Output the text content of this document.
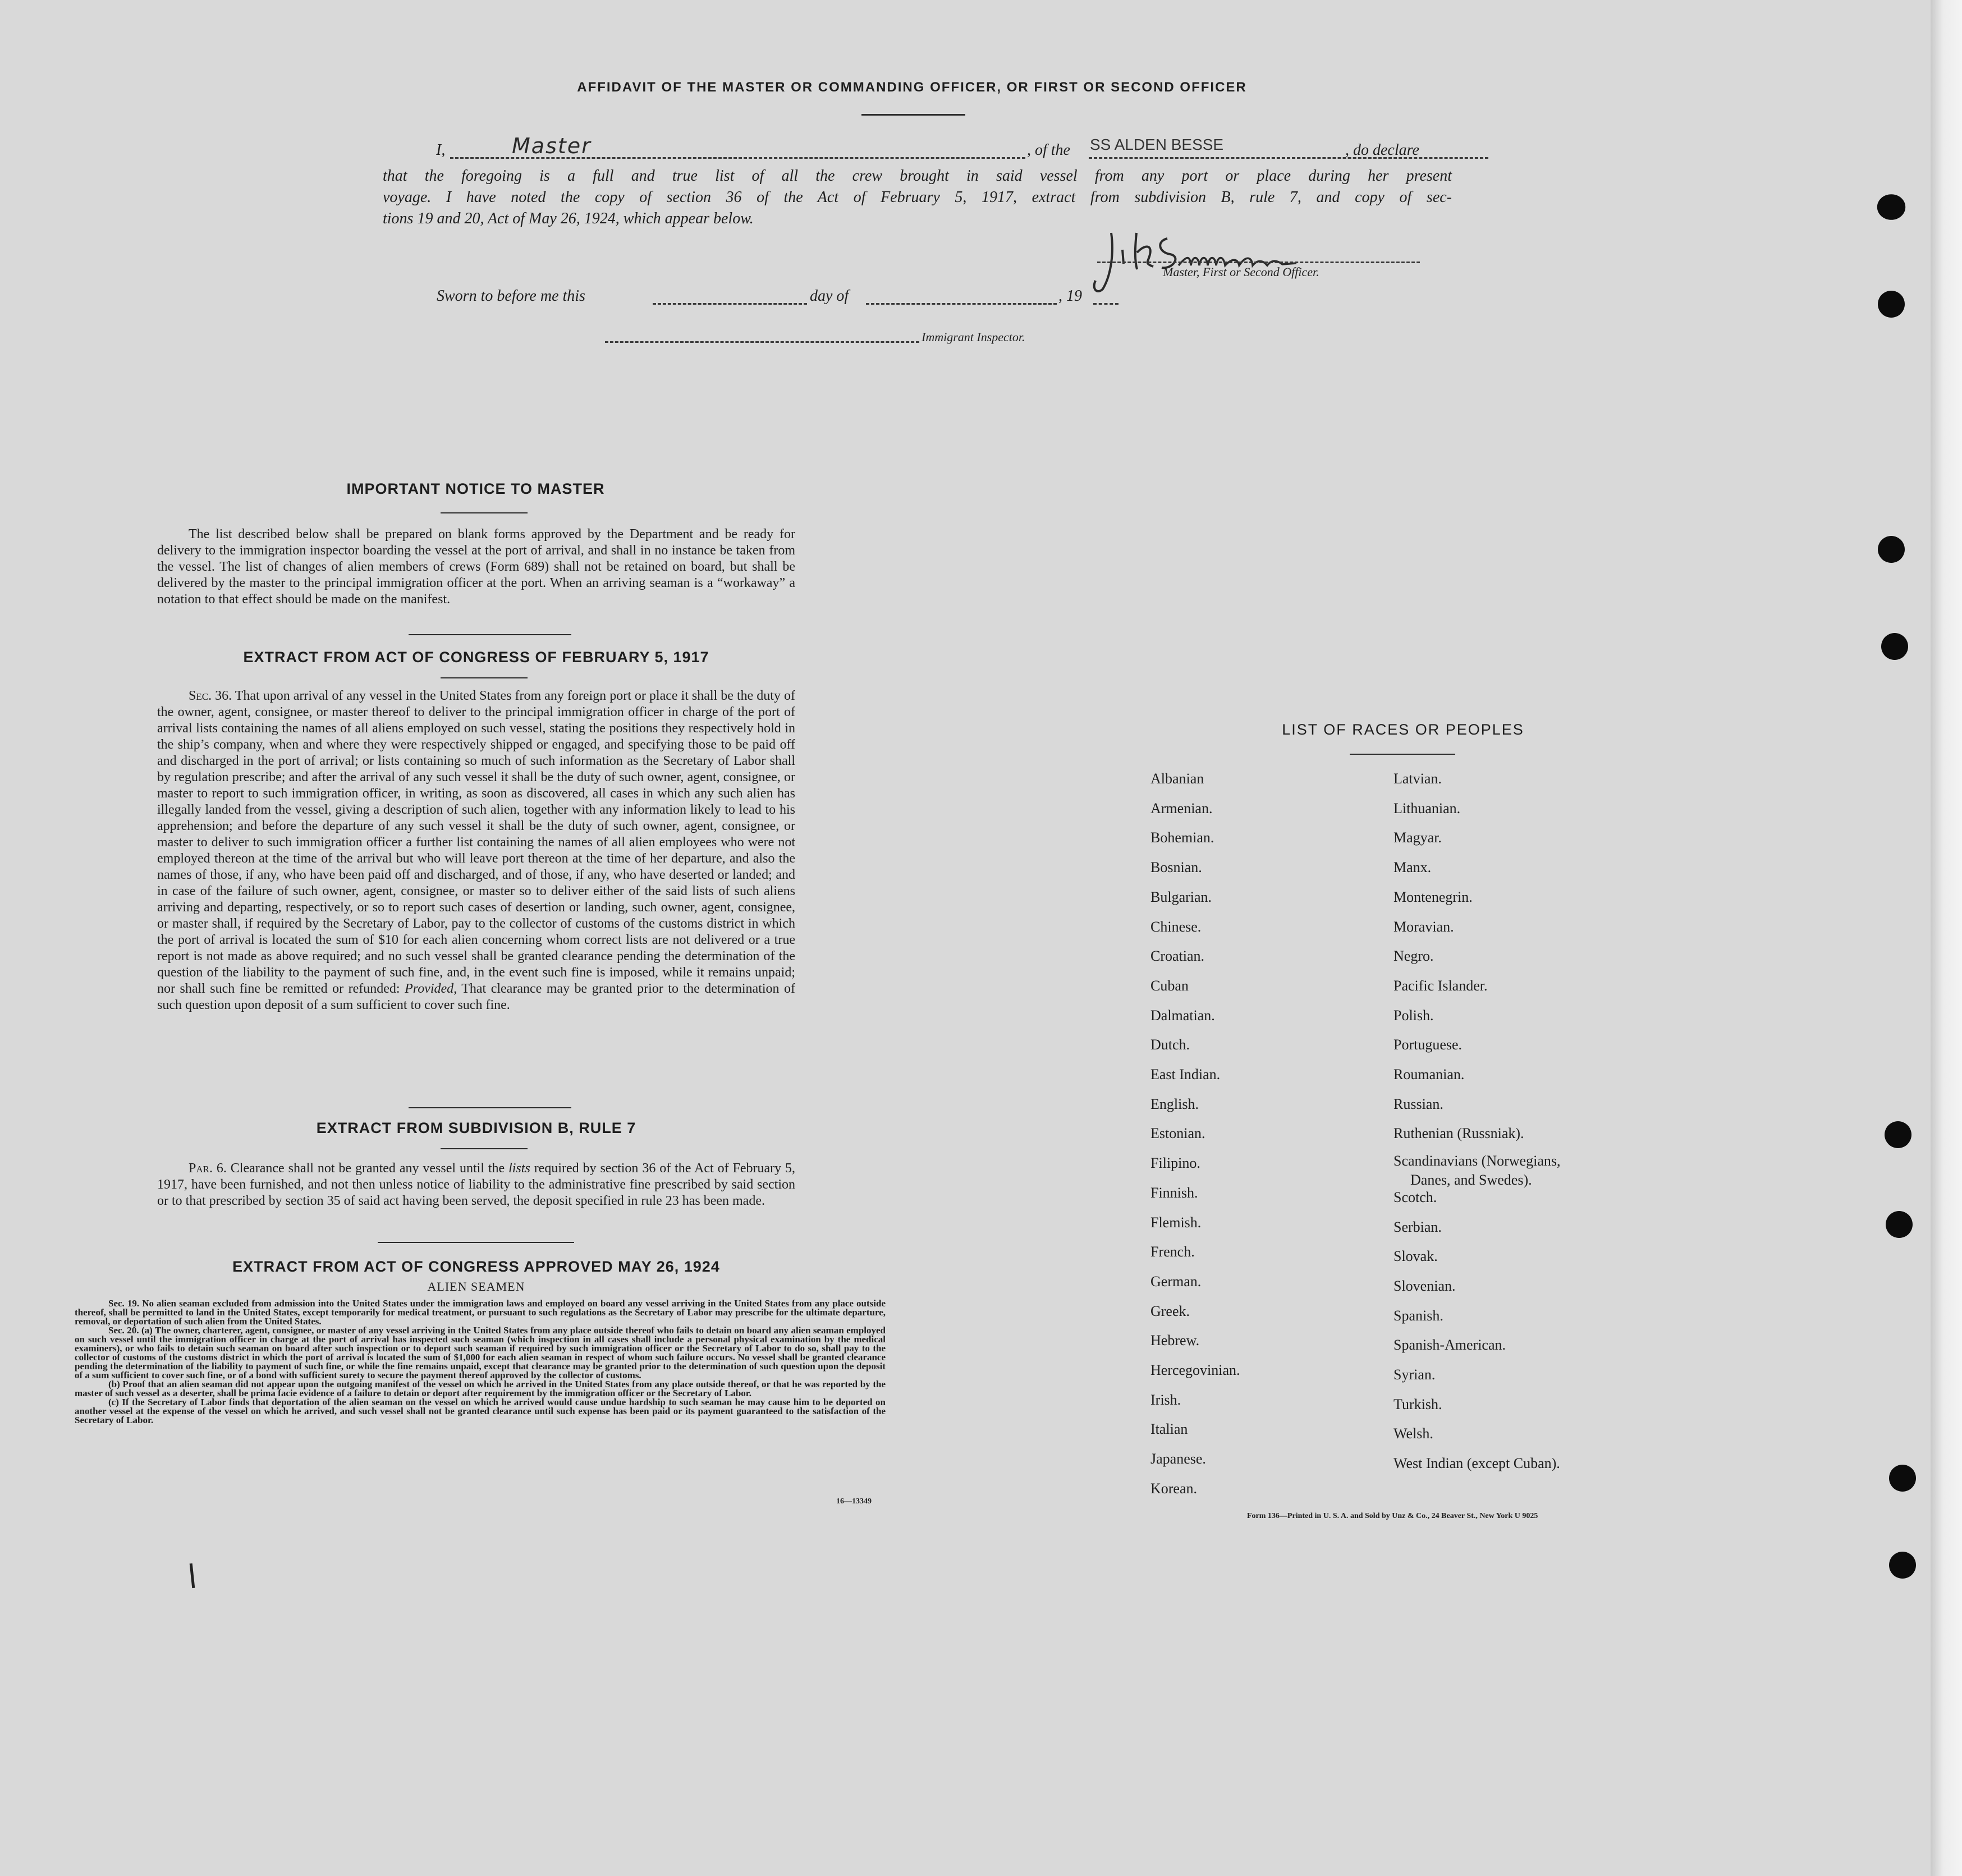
AFFIDAVIT OF THE MASTER OR COMMANDING OFFICER, OR FIRST OR SECOND OFFICER
I,	Master	, of the SS ALDEN BESSE	, do declare
that the foregoing is a full and true list of all the crew brought in said vessel from any port or place during her present
voyage. I have noted the copy of section 36 of the Act of February 5, 1917, extract from subdivision B, rule 7, and copy of sec-
tions 19 and 20, Act of May 26, 1924, which appear below.
Master, First or Second Officer.
Sworn to before me this	day of	, 19
Immigrant Inspector.
IMPORTANT NOTICE TO MASTER
The list described below shall be prepared on blank forms approved by the Department and be ready for delivery to the immigration inspector boarding the vessel at the port of arrival, and shall in no instance be taken from the vessel. The list of changes of alien members of crews (Form 689) shall not be retained on board, but shall be delivered by the master to the principal immigration officer at the port. When an arriving seaman is a “workaway” a notation to that effect should be made on the manifest.
EXTRACT FROM ACT OF CONGRESS OF FEBRUARY 5, 1917
Sec. 36. That upon arrival of any vessel in the United States from any foreign port or place it shall be the duty of the owner, agent, consignee, or master thereof to deliver to the principal immigration officer in charge of the port of arrival lists containing the names of all aliens employed on such vessel, stating the positions they respectively hold in the ship’s company, when and where they were respectively shipped or engaged, and specifying those to be paid off and discharged in the port of arrival; or lists containing so much of such information as the Secretary of Labor shall by regulation prescribe; and after the arrival of any such vessel it shall be the duty of such owner, agent, consignee, or master to report to such immigration officer, in writing, as soon as discovered, all cases in which any such alien has illegally landed from the vessel, giving a description of such alien, together with any information likely to lead to his apprehension; and before the departure of any such vessel it shall be the duty of such owner, agent, consignee, or master to deliver to such immigration officer a further list containing the names of all alien employees who were not employed thereon at the time of the arrival but who will leave port thereon at the time of her departure, and also the names of those, if any, who have been paid off and discharged, and of those, if any, who have deserted or landed; and in case of the failure of such owner, agent, consignee, or master so to deliver either of the said lists of such aliens arriving and departing, respectively, or so to report such cases of desertion or landing, such owner, agent, consignee, or master shall, if required by the Secretary of Labor, pay to the collector of customs of the customs district in which the port of arrival is located the sum of $10 for each alien concerning whom correct lists are not delivered or a true report is not made as above required; and no such vessel shall be granted clearance pending the determination of the question of the liability to the payment of such fine, and, in the event such fine is imposed, while it remains unpaid; nor shall such fine be remitted or refunded: Provided, That clearance may be granted prior to the determination of such question upon deposit of a sum sufficient to cover such fine.
EXTRACT FROM SUBDIVISION B, RULE 7
Par. 6. Clearance shall not be granted any vessel until the lists required by section 36 of the Act of February 5, 1917, have been furnished, and not then unless notice of liability to the administrative fine prescribed by said section or to that prescribed by section 35 of said act having been served, the deposit specified in rule 23 has been made.
EXTRACT FROM ACT OF CONGRESS APPROVED MAY 26, 1924
ALIEN SEAMEN
Sec. 19. No alien seaman excluded from admission into the United States under the immigration laws and employed on board any vessel arriving in the United States from any place outside thereof, shall be permitted to land in the United States, except temporarily for medical treatment, or pursuant to such regulations as the Secretary of Labor may prescribe for the ultimate departure, removal, or deportation of such alien from the United States.
Sec. 20. (a) The owner, charterer, agent, consignee, or master of any vessel arriving in the United States from any place outside thereof who fails to detain on board any alien seaman employed on such vessel until the immigration officer in charge at the port of arrival has inspected such seaman (which inspection in all cases shall include a personal physical examination by the medical examiners), or who fails to detain such seaman on board after such inspection or to deport such seaman if required by such immigration officer or the Secretary of Labor to do so, shall pay to the collector of customs of the customs district in which the port of arrival is located the sum of $1,000 for each alien seaman in respect of whom such failure occurs. No vessel shall be granted clearance pending the determination of the liability to payment of such fine, or while the fine remains unpaid, except that clearance may be granted prior to the determination of such question upon the deposit of a sum sufficient to cover such fine, or of a bond with sufficient surety to secure the payment thereof approved by the collector of customs.
(b) Proof that an alien seaman did not appear upon the outgoing manifest of the vessel on which he arrived in the United States from any place outside thereof, or that he was reported by the master of such vessel as a deserter, shall be prima facie evidence of a failure to detain or deport after requirement by the immigration officer or the Secretary of Labor.
(c) If the Secretary of Labor finds that deportation of the alien seaman on the vessel on which he arrived would cause undue hardship to such seaman he may cause him to be deported on another vessel at the expense of the vessel on which he arrived, and such vessel shall not be granted clearance until such expense has been paid or its payment guaranteed to the satisfaction of the Secretary of Labor.
16—13349
LIST OF RACES OR PEOPLES
Albanian
Armenian.
Bohemian.
Bosnian.
Bulgarian.
Chinese.
Croatian.
Cuban
Dalmatian.
Dutch.
East Indian.
English.
Estonian.
Filipino.
Finnish.
Flemish.
French.
German.
Greek.
Hebrew.
Hercegovinian.
Irish.
Italian
Japanese.
Korean.
Latvian.
Lithuanian.
Magyar.
Manx.
Montenegrin.
Moravian.
Negro.
Pacific Islander.
Polish.
Portuguese.
Roumanian.
Russian.
Ruthenian (Russniak).
Scandinavians (Norwegians,
Danes, and Swedes).
Scotch.
Serbian.
Slovak.
Slovenian.
Spanish.
Spanish-American.
Syrian.
Turkish.
Welsh.
West Indian (except Cuban).
Form 136—Printed in U. S. A. and Sold by Unz & Co., 24 Beaver St., New York U 9025
